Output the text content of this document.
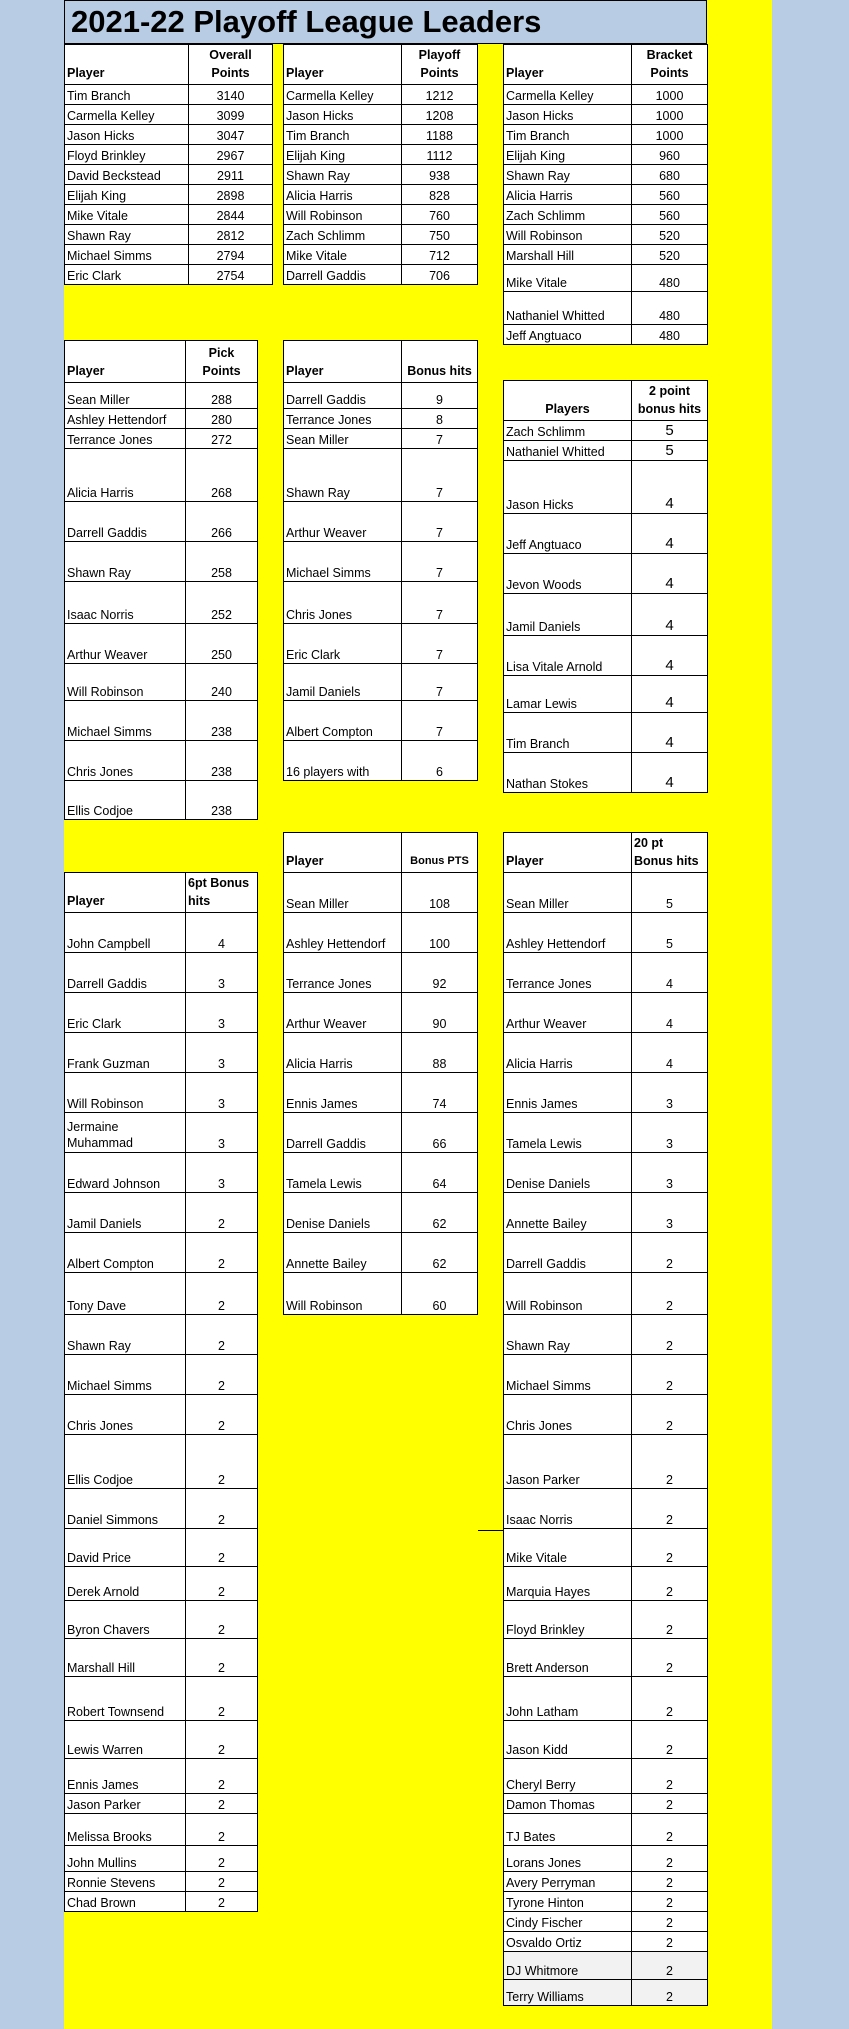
2021-22 Playoff League Leaders
Player	Overall Points
Tim Branch	3140
Carmella Kelley	3099
Jason Hicks	3047
Floyd Brinkley	2967
David Beckstead	2911
Elijah King	2898
Mike Vitale	2844
Shawn Ray	2812
Michael Simms	2794
Eric Clark	2754
Player	Playoff Points
Carmella Kelley	1212
Jason Hicks	1208
Tim Branch	1188
Elijah King	1112
Shawn Ray	938
Alicia Harris	828
Will Robinson	760
Zach Schlimm	750
Mike Vitale	712
Darrell Gaddis	706
Player	Bracket Points
Carmella Kelley	1000
Jason Hicks	1000
Tim Branch	1000
Elijah King	960
Shawn Ray	680
Alicia Harris	560
Zach Schlimm	560
Will Robinson	520
Marshall Hill	520
Mike Vitale	480
Nathaniel Whitted	480
Jeff Angtuaco	480
Player	Pick Points
Sean Miller	288
Ashley Hettendorf	280
Terrance Jones	272
Alicia Harris	268
Darrell Gaddis	266
Shawn Ray	258
Isaac Norris	252
Arthur Weaver	250
Will Robinson	240
Michael Simms	238
Chris Jones	238
Ellis Codjoe	238
Player	Bonus hits
Darrell Gaddis	9
Terrance Jones	8
Sean Miller	7
Shawn Ray	7
Arthur Weaver	7
Michael Simms	7
Chris Jones	7
Eric Clark	7
Jamil Daniels	7
Albert Compton	7
16 players with	6
Players	2 point bonus hits
Zach Schlimm	5
Nathaniel Whitted	5
Jason Hicks	4
Jeff Angtuaco	4
Jevon Woods	4
Jamil Daniels	4
Lisa Vitale Arnold	4
Lamar Lewis	4
Tim Branch	4
Nathan Stokes	4
Player	6pt Bonus hits
John Campbell	4
Darrell Gaddis	3
Eric Clark	3
Frank Guzman	3
Will Robinson	3
Jermaine Muhammad	3
Edward Johnson	3
Jamil Daniels	2
Albert Compton	2
Tony Dave	2
Shawn Ray	2
Michael Simms	2
Chris Jones	2
Ellis Codjoe	2
Daniel Simmons	2
David Price	2
Derek Arnold	2
Byron Chavers	2
Marshall Hill	2
Robert Townsend	2
Lewis Warren	2
Ennis James	2
Jason Parker	2
Melissa Brooks	2
John Mullins	2
Ronnie Stevens	2
Chad Brown	2
Player	Bonus PTS
Sean Miller	108
Ashley Hettendorf	100
Terrance Jones	92
Arthur Weaver	90
Alicia Harris	88
Ennis James	74
Darrell Gaddis	66
Tamela Lewis	64
Denise Daniels	62
Annette Bailey	62
Will Robinson	60
Player	20 pt Bonus hits
Sean Miller	5
Ashley Hettendorf	5
Terrance Jones	4
Arthur Weaver	4
Alicia Harris	4
Ennis James	3
Tamela Lewis	3
Denise Daniels	3
Annette Bailey	3
Darrell Gaddis	2
Will Robinson	2
Shawn Ray	2
Michael Simms	2
Chris Jones	2
Jason Parker	2
Isaac Norris	2
Mike Vitale	2
Marquia Hayes	2
Floyd Brinkley	2
Brett Anderson	2
John Latham	2
Jason Kidd	2
Cheryl Berry	2
Damon Thomas	2
TJ Bates	2
Lorans Jones	2
Avery Perryman	2
Tyrone Hinton	2
Cindy Fischer	2
Osvaldo Ortiz	2
DJ Whitmore	2
Terry Williams	2
